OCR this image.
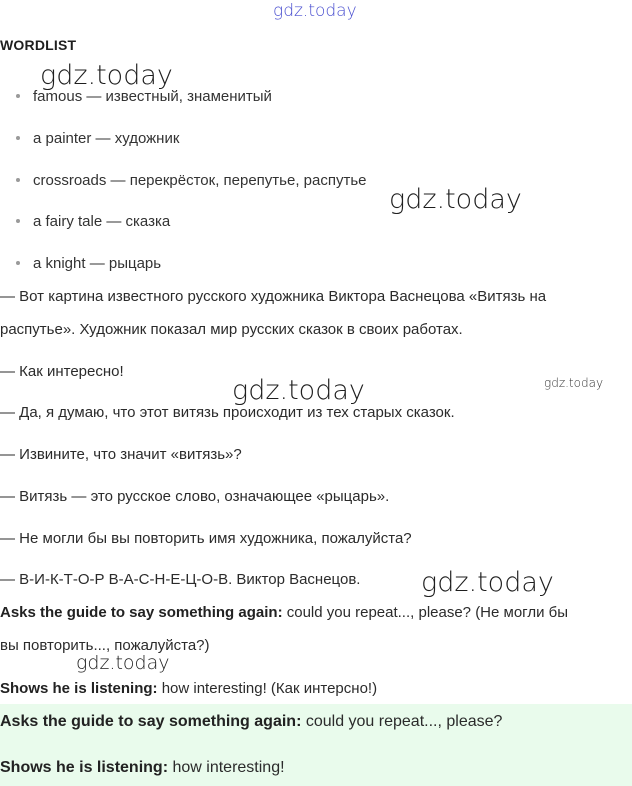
gdz.today
gdz.today
gdz.today
gdz.today	gdz.today
gdz.today
gdz.today
WORDLIST
famous — известный, знаменитый
a painter — художник
crossroads — перекрёсток, перепутье, распутье
a fairy tale — сказка
a knight — рыцарь
— Вот картина известного русского художника Виктора Васнецова «Витязь на
распутье». Художник показал мир русских сказок в своих работах.
— Как интересно!
— Да, я думаю, что этот витязь происходит из тех старых сказок.
— Извините, что значит «витязь»?
— Витязь — это русское слово, означающее «рыцарь».
— Не могли бы вы повторить имя художника, пожалуйста?
— В-И-К-Т-О-Р В-А-С-Н-Е-Ц-О-В. Виктор Васнецов.
Asks the guide to say something again: could you repeat..., please? (Не могли бы
вы повторить..., пожалуйста?)
Shows he is listening: how interesting! (Как интерсно!)
Asks the guide to say something again: could you repeat..., please?
Shows he is listening: how interesting!
